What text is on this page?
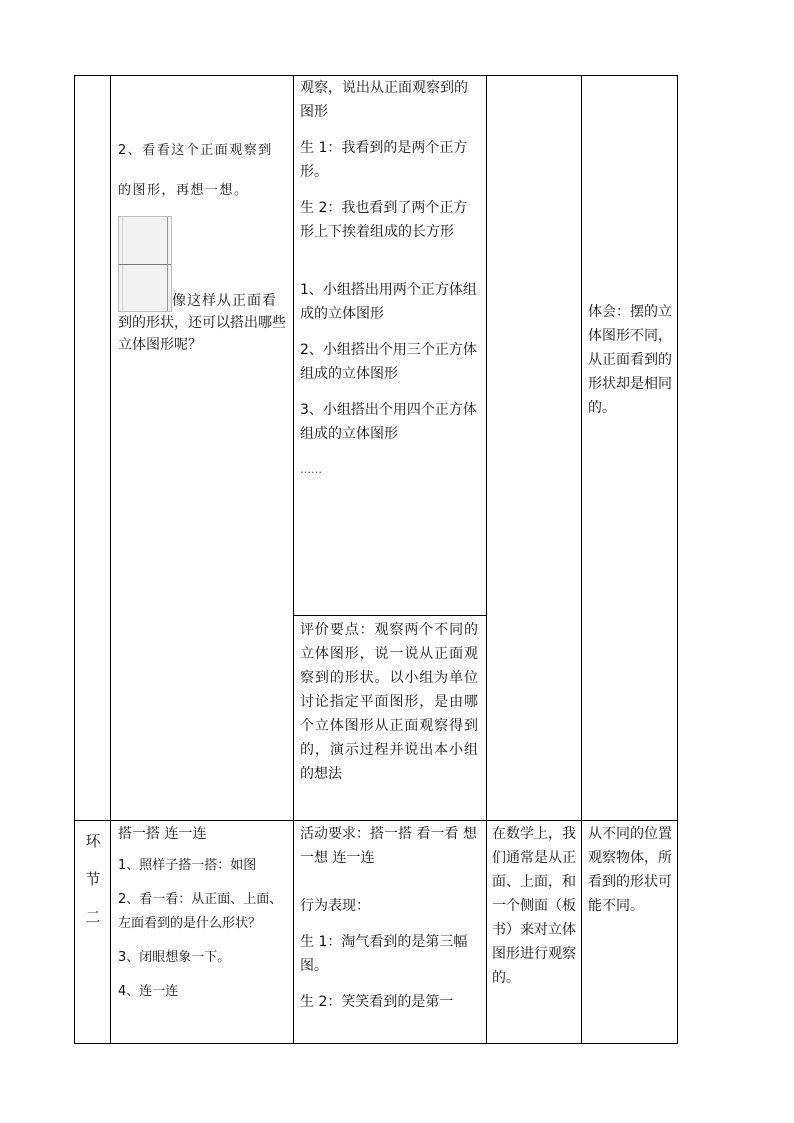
2、看看这个正面观察到

的图形，再想一想。

像这样从正面看

到的形状，还可以搭出哪些

立体图形呢？

观察，说出从正面观察到的图形

生 1：我看到的是两个正方形。

生 2：我也看到了两个正方形上下挨着组成的长方形

1、小组搭出用两个正方体组成的立体图形

2、小组搭出个用三个正方体组成的立体图形

3、小组搭出个用四个正方体组成的立体图形

……

评价要点：观察两个不同的立体图形，说一说从正面观察到的形状。以小组为单位讨论指定平面图形，是由哪个立体图形从正面观察得到的，演示过程并说出本小组的想法

体会：摆的立体图形不同，从正面看到的形状却是相同的。

环
节
二

搭一搭 连一连

1、照样子搭一搭：如图

2、看一看：从正面、上面、左面看到的是什么形状？

3、闭眼想象一下。

4、连一连

活动要求：搭一搭 看一看 想一想 连一连

行为表现：

生 1：淘气看到的是第三幅图。

生 2：笑笑看到的是第一

在数学上，我们通常是从正面、上面，和一个侧面（板书）来对立体图形进行观察的。

从不同的位置观察物体，所看到的形状可能不同。
